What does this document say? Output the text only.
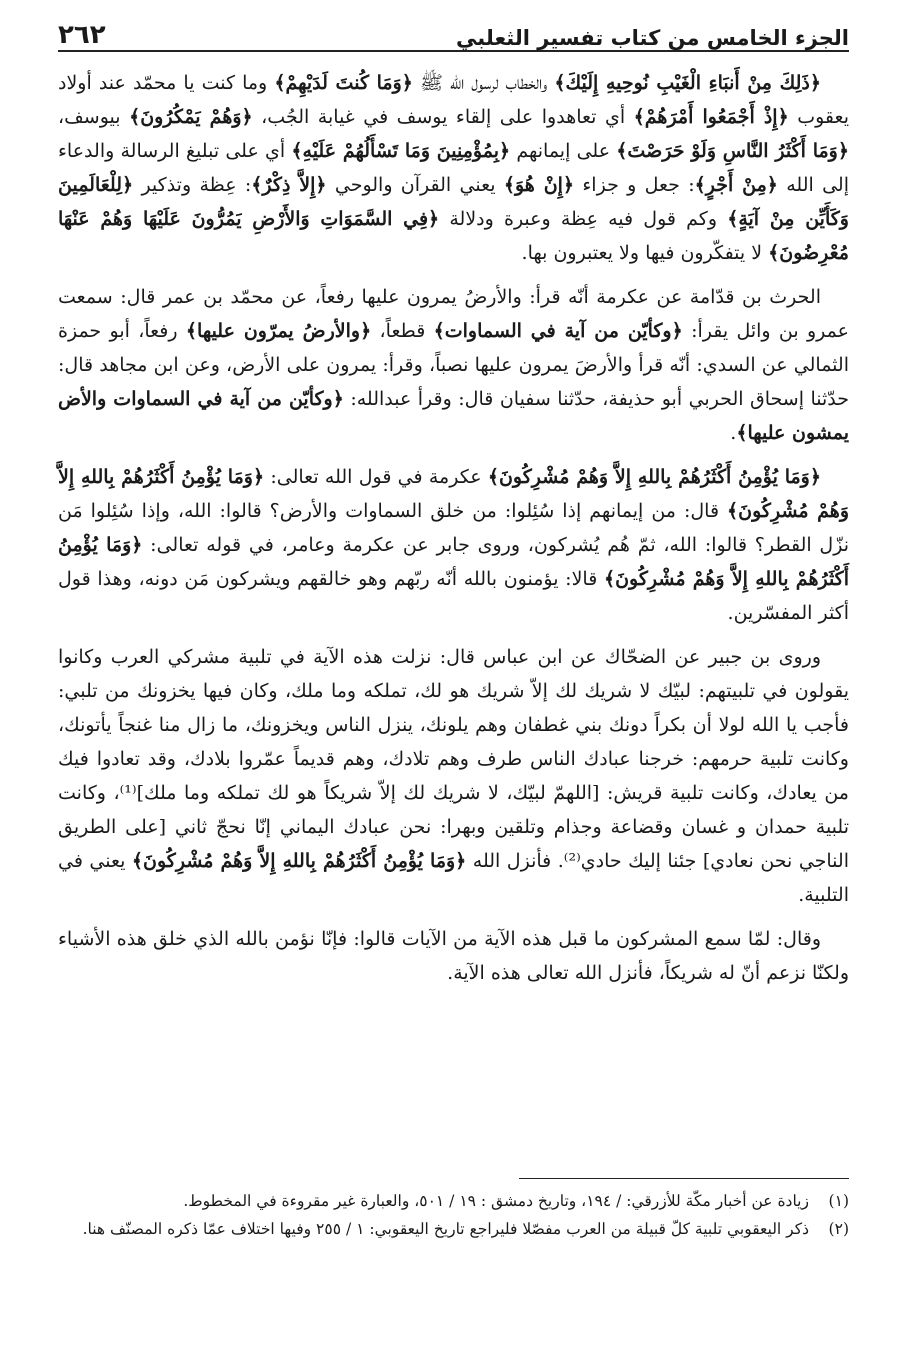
الجزء الخامس من كتاب تفسير الثعلبي
٢٦٢

﴿ذَلِكَ مِنْ أَنبَاءِ الْغَيْبِ نُوحِيهِ إِلَيْكَ﴾ والخطاب لرسول الله ﷺ ﴿وَمَا كُنتَ لَدَيْهِمْ﴾ وما كنت يا محمّد عند أولاد يعقوب ﴿إِذْ أَجْمَعُوا أَمْرَهُمْ﴾ أي تعاهدوا على إلقاء يوسف في غيابة الجُب، ﴿وَهُمْ يَمْكُرُونَ﴾ بيوسف، ﴿وَمَا أَكْثَرُ النَّاسِ وَلَوْ حَرَصْتَ﴾ على إيمانهم ﴿بِمُؤْمِنِينَ وَمَا تَسْأَلُهُمْ عَلَيْهِ﴾ أي على تبليغ الرسالة والدعاء إلى الله ﴿مِنْ أَجْرٍ﴾: جعل و جزاء ﴿إِنْ هُوَ﴾ يعني القرآن والوحي ﴿إِلاَّ ذِكْرٌ﴾: عِظة وتذكير ﴿لِلْعَالَمِينَ وَكَأَيِّن مِنْ آيَةٍ﴾ وكم قول فيه عِظة وعبرة ودلالة ﴿فِي السَّمَوَاتِ وَالأَرْضِ يَمُرُّونَ عَلَيْهَا وَهُمْ عَنْهَا مُعْرِضُونَ﴾ لا يتفكّرون فيها ولا يعتبرون بها.

الحرث بن قدّامة عن عكرمة أنّه قرأ: والأرضُ يمرون عليها رفعاً، عن محمّد بن عمر قال: سمعت عمرو بن وائل يقرأ: ﴿وكأيّن من آية في السماوات﴾ قطعاً، ﴿والأرضُ يمرّون عليها﴾ رفعاً، أبو حمزة الثمالي عن السدي: أنّه قرأ والأرضَ يمرون عليها نصباً، وقرأ: يمرون على الأرض، وعن ابن مجاهد قال: حدّثنا إسحاق الحربي أبو حذيفة، حدّثنا سفيان قال: وقرأ عبدالله: ﴿وكأيّن من آية في السماوات والأض يمشون عليها﴾.

﴿وَمَا يُؤْمِنُ أَكْثَرُهُمْ بِاللهِ إِلاَّ وَهُمْ مُشْرِكُونَ﴾ عكرمة في قول الله تعالى: ﴿وَمَا يُؤْمِنُ أَكْثَرُهُمْ بِاللهِ إِلاَّ وَهُمْ مُشْرِكُونَ﴾ قال: من إيمانهم إذا سُئِلوا: من خلق السماوات والأرض؟ قالوا: الله، وإذا سُئِلوا مَن نزّل القطر؟ قالوا: الله، ثمّ هُم يُشركون، وروى جابر عن عكرمة وعامر، في قوله تعالى: ﴿وَمَا يُؤْمِنُ أَكْثَرُهُمْ بِاللهِ إِلاَّ وَهُمْ مُشْرِكُونَ﴾ قالا: يؤمنون بالله أنّه ربّهم وهو خالقهم ويشركون مَن دونه، وهذا قول أكثر المفسّرين.

وروى بن جبير عن الضحّاك عن ابن عباس قال: نزلت هذه الآية في تلبية مشركي العرب وكانوا يقولون في تلبيتهم: لبيّك لا شريك لك إلاّ شريك هو لك، تملكه وما ملك، وكان فيها يخزونك من تلبي: فأجب يا الله لولا أن بكراً دونك بني غطفان وهم يلونك، ينزل الناس ويخزونك، ما زال منا غنجاً يأتونك، وكانت تلبية حرمهم: خرجنا عبادك الناس طرف وهم تلادك، وهم قديماً عمّروا بلادك، وقد تعادوا فيك من يعادك، وكانت تلبية قريش: [اللهمّ لبيّك، لا شريك لك إلاّ شريكاً هو لك تملكه وما ملك]⁽¹⁾، وكانت تلبية حمدان و غسان وقضاعة وجذام وتلقين وبهرا: نحن عبادك اليماني إنّا نحجّ ثاني [على الطريق الناجي نحن نعادي] جئنا إليك حادي⁽²⁾. فأنزل الله ﴿وَمَا يُؤْمِنُ أَكْثَرُهُمْ بِاللهِ إِلاَّ وَهُمْ مُشْرِكُونَ﴾ يعني في التلبية.

وقال: لمّا سمع المشركون ما قبل هذه الآية من الآيات قالوا: فإنّا نؤمن بالله الذي خلق هذه الأشياء ولكنّا نزعم أنّ له شريكاً، فأنزل الله تعالى هذه الآية.

(١)
زيادة عن أخبار مكّة للأزرقي: / ١٩٤، وتاريخ دمشق : ١٩ / ٥٠١، والعبارة غير مقروءة في المخطوط.
(٢)
ذكر اليعقوبي تلبية كلّ قبيلة من العرب مفصّلا فليراجع تاريخ اليعقوبي: ١ / ٢٥٥ وفيها اختلاف عمّا ذكره المصنّف هنا.
